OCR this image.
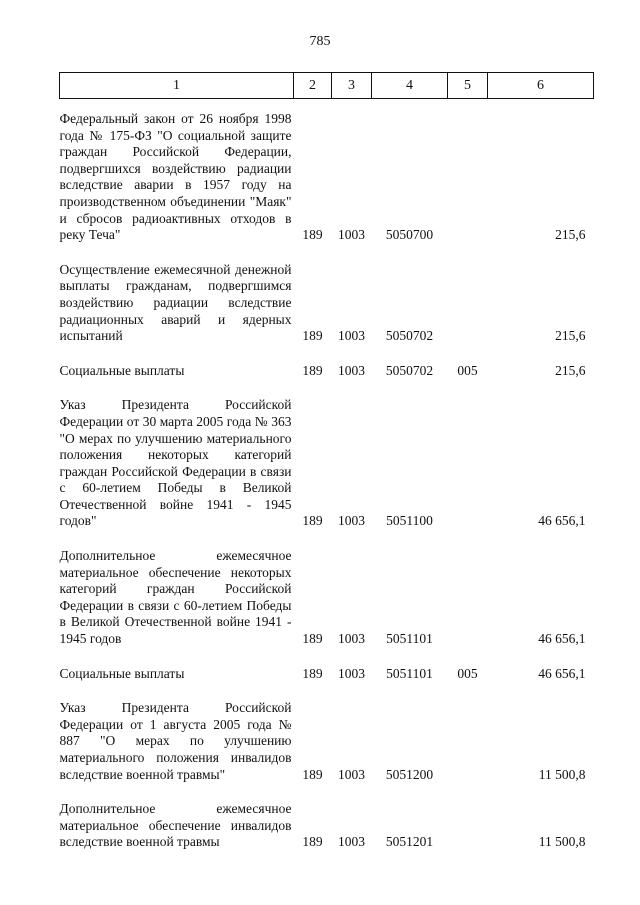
785
1	2	3	4	5	6
Федеральный закон от 26 ноября 1998 года № 175-ФЗ "О социальной защите граждан Российской Федерации, подвергшихся воздействию радиации вследствие аварии в 1957 году на производственном объединении "Маяк" и сбросов радиоактивных отходов в реку Теча"	189	1003	5050700		215,6
Осуществление ежемесячной денежной выплаты гражданам, подвергшимся воздействию радиации вследствие радиационных аварий и ядерных испытаний	189	1003	5050702		215,6
Социальные выплаты	189	1003	5050702	005	215,6
Указ Президента Российской Федерации от 30 марта 2005 года № 363 "О мерах по улучшению материального положения некоторых категорий граждан Российской Федерации в связи с 60-летием Победы в Великой Отечественной войне 1941 - 1945 годов"	189	1003	5051100		46 656,1
Дополнительное ежемесячное материальное обеспечение некоторых категорий граждан Российской Федерации в связи с 60-летием Победы в Великой Отечественной войне 1941 - 1945 годов	189	1003	5051101		46 656,1
Социальные выплаты	189	1003	5051101	005	46 656,1
Указ Президента Российской Федерации от 1 августа 2005 года № 887 "О мерах по улучшению материального положения инвалидов вследствие военной травмы"	189	1003	5051200		11 500,8
Дополнительное ежемесячное материальное обеспечение инвалидов вследствие военной травмы	189	1003	5051201		11 500,8
